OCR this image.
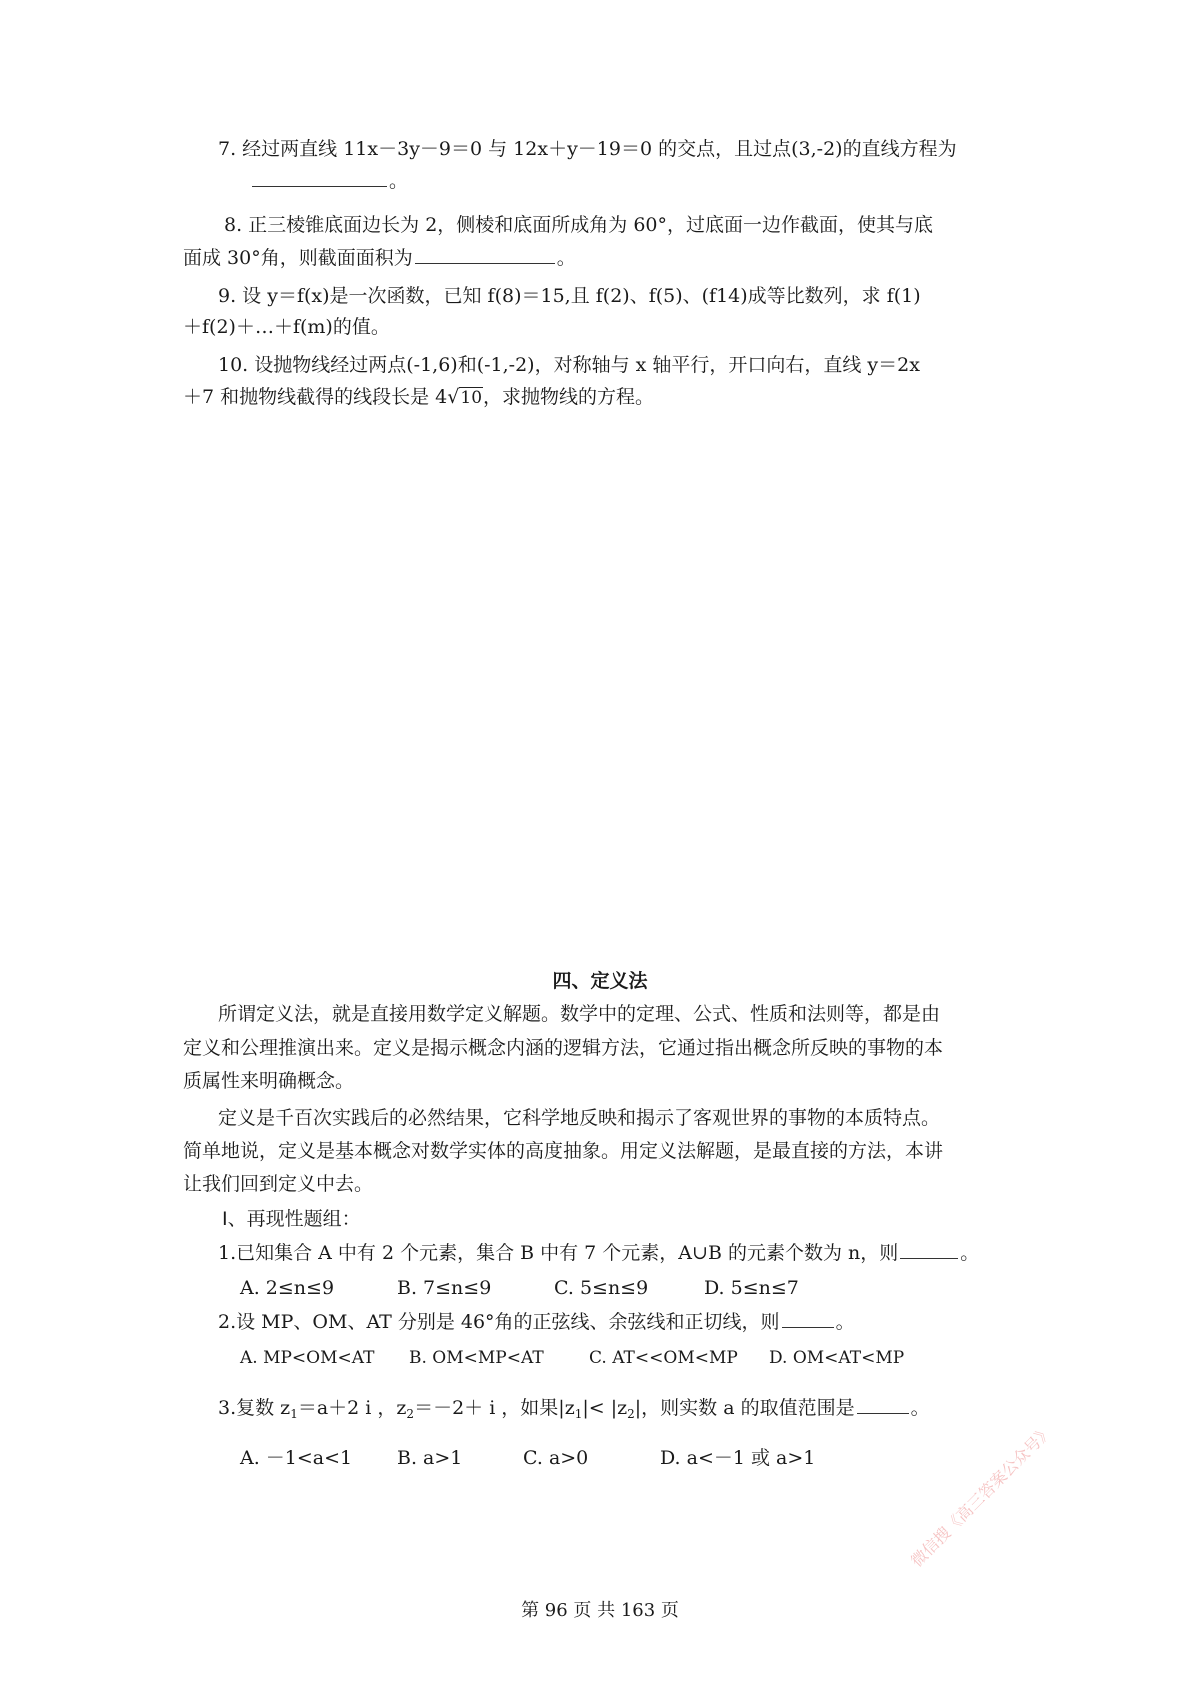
7. 经过两直线 11x－3y－9＝0 与 12x＋y－19＝0 的交点，且过点(3,-2)的直线方程为
。
8. 正三棱锥底面边长为 2，侧棱和底面所成角为 60°，过底面一边作截面，使其与底
面成 30°角，则截面面积为	。
9. 设 y＝f(x)是一次函数，已知 f(8)＝15,且 f(2)、f(5)、(f14)成等比数列，求 f(1)
＋f(2)＋…＋f(m)的值。
10. 设抛物线经过两点(-1,6)和(-1,-2)，对称轴与 x 轴平行，开口向右，直线 y＝2x
＋7 和抛物线截得的线段长是 4√10，求抛物线的方程。
四、定义法
所谓定义法，就是直接用数学定义解题。数学中的定理、公式、性质和法则等，都是由
定义和公理推演出来。定义是揭示概念内涵的逻辑方法，它通过指出概念所反映的事物的本
质属性来明确概念。
定义是千百次实践后的必然结果，它科学地反映和揭示了客观世界的事物的本质特点。
简单地说，定义是基本概念对数学实体的高度抽象。用定义法解题，是最直接的方法，本讲
让我们回到定义中去。
Ⅰ、再现性题组：
1.已知集合 A 中有 2 个元素，集合 B 中有 7 个元素，A∪B 的元素个数为 n，则	。
A. 2≤n≤9	B. 7≤n≤9	C. 5≤n≤9	D. 5≤n≤7
2.设 MP、OM、AT 分别是 46°角的正弦线、余弦线和正切线，则	。
A. MP<OM<AT B. OM<MP<AT	C. AT<<OM<MP D. OM<AT<MP
3.复数 $z_1=a+2$ i ，$z_2=-2+ i$ ，如果$|z_1|< |z_2|$，则实数 a 的取值范围是	。
A. －1<a<1 B. a>1	C. a>0	D. a<－1 或 a>1
第 96 页 共 163 页
微信搜《高三答案公众号》
